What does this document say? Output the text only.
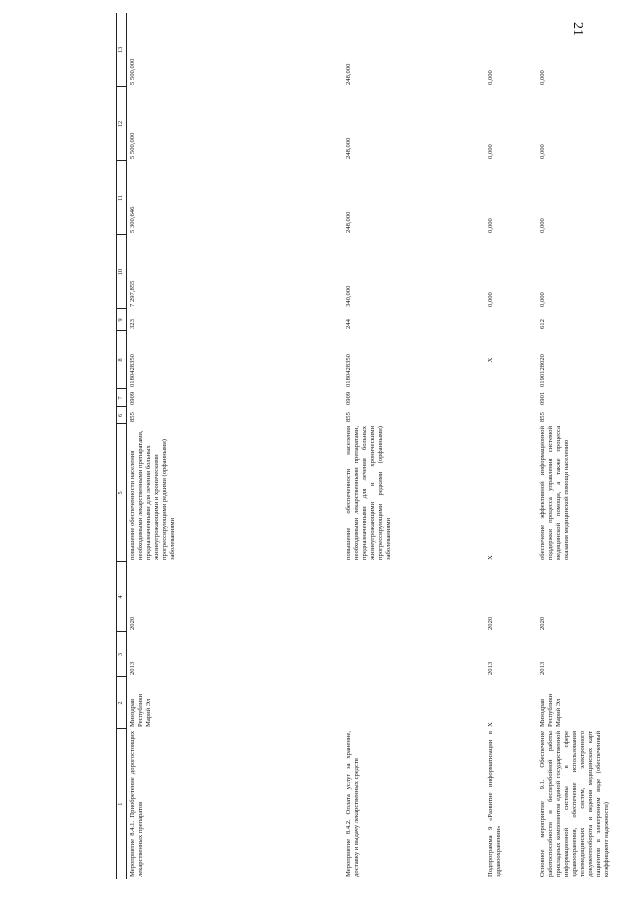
21
1	2	3	4	5	6	7	8	9	10	11	12	13
Мероприятие 8.4.1. Приобретение дорогостоящих лекарственных препаратов	Минздрав Республики Марий Эл	2013	2020	повышение обеспеченности населения необходимыми лекарственными препаратами, предназначенными для лечения больных жизнеугрожающими и хроническими прогрессирующими редкими (орфанными) заболеваниями	855	0909	0180428350	323	7 297,855	5 300,646	5 500,000	5 500,000
Мероприятие 8.4.2. Оплата услуг за хранение, доставку и выдачу лекарственных средств				повышение обеспеченности населения необходимыми лекарственными препаратами, предназначенными для лечения больных жизнеугрожающими и хроническими прогрессирующими редкими (орфанными) заболеваниями	855	0909	0180428350	244	340,000	248,000	248,000	248,000
Подпрограмма 9 «Развитие информатизации в здравоохранении»	Х	2013	2020	Х			Х		0,000	0,000	0,000	0,000
Основное мероприятие 9.1. Обеспечение работоспособности и бесперебойной работы прикладных компонентов единой государственной информационной системы в сфере здравоохранения, обеспечение использования телемедицинских систем, электронного документооборота и ведения медицинских карт пациентов в электронном виде (обеспеченный коэффициент надежности)	Минздрав Республики Марий Эл	2013	2020	обеспечение эффективной информационной поддержки процесса управления системой медицинской помощи, а также процесса оказания медицинской помощи населению	855	0901	0190128020	612	0,000	0,000	0,000	0,000
